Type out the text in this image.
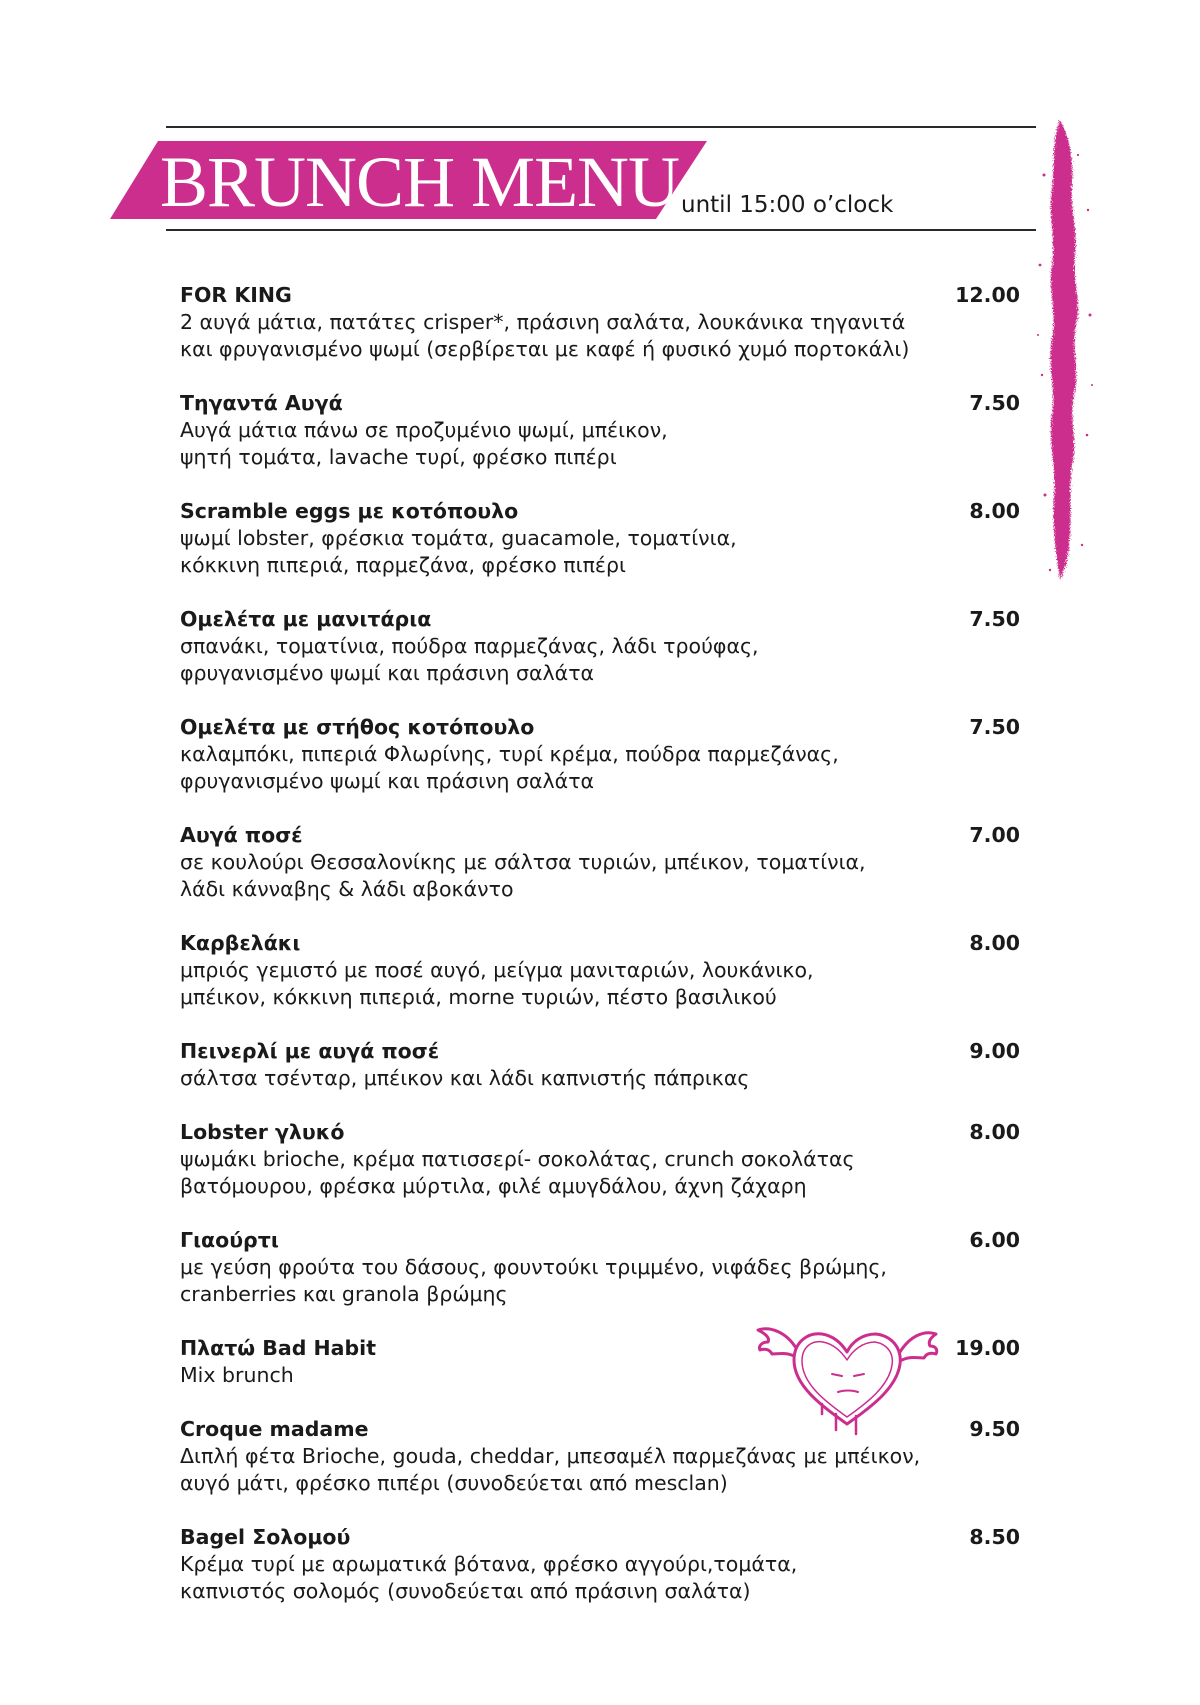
BRUNCH MENU until 15:00 o’clock

FOR KING

2 αυγά μάτια, πατάτες crisper*, πράσινη σαλάτα, λουκάνικα τηγανιτά

και φρυγανισμένο ψωμί (σερβίρεται με καφέ ή φυσικό χυμό πορτοκάλι)

12.00

Τηγαντά Αυγά

Αυγά μάτια πάνω σε προζυμένιο ψωμί, μπέικον,

ψητή τομάτα, lavache τυρί, φρέσκο πιπέρι

7.50

Scramble eggs με κοτόπουλο

ψωμί lobster, φρέσκια τομάτα, guacamole, τοματίνια,

κόκκινη πιπεριά, παρμεζάνα, φρέσκο πιπέρι

8.00

Ομελέτα με μανιτάρια

σπανάκι, τοματίνια, πούδρα παρμεζάνας, λάδι τρούφας,

φρυγανισμένο ψωμί και πράσινη σαλάτα

7.50

Ομελέτα με στήθος κοτόπουλο

καλαμπόκι, πιπεριά Φλωρίνης, τυρί κρέμα, πούδρα παρμεζάνας,

φρυγανισμένο ψωμί και πράσινη σαλάτα

7.50

Αυγά ποσέ

σε κουλούρι Θεσσαλονίκης με σάλτσα τυριών, μπέικον, τοματίνια,

λάδι κάνναβης & λάδι αβοκάντο

7.00

Καρβελάκι

μπριός γεμιστό με ποσέ αυγό, μείγμα μανιταριών, λουκάνικο,

μπέικον, κόκκινη πιπεριά, morne τυριών, πέστο βασιλικού

8.00

Πεινερλί με αυγά ποσέ

σάλτσα τσένταρ, μπέικον και λάδι καπνιστής πάπρικας

9.00

Lobster γλυκό

ψωμάκι brioche, κρέμα πατισσερί- σοκολάτας, crunch σοκολάτας

βατόμουρου, φρέσκα μύρτιλα, φιλέ αμυγδάλου, άχνη ζάχαρη

8.00

Γιαούρτι

με γεύση φρούτα του δάσους, φουντούκι τριμμένο, νιφάδες βρώμης,

cranberries και granola βρώμης

6.00

Πλατώ Bad Habit

Mix brunch

19.00

Croque madame

Διπλή φέτα Brioche, gouda, cheddar, μπεσαμέλ παρμεζάνας με μπέικον,

αυγό μάτι, φρέσκο πιπέρι (συνοδεύεται από mesclan)

9.50

Bagel Σολομού

Κρέμα τυρί με αρωματικά βότανα, φρέσκο αγγούρι,τομάτα,

καπνιστός σολομός (συνοδεύεται από πράσινη σαλάτα)

8.50
